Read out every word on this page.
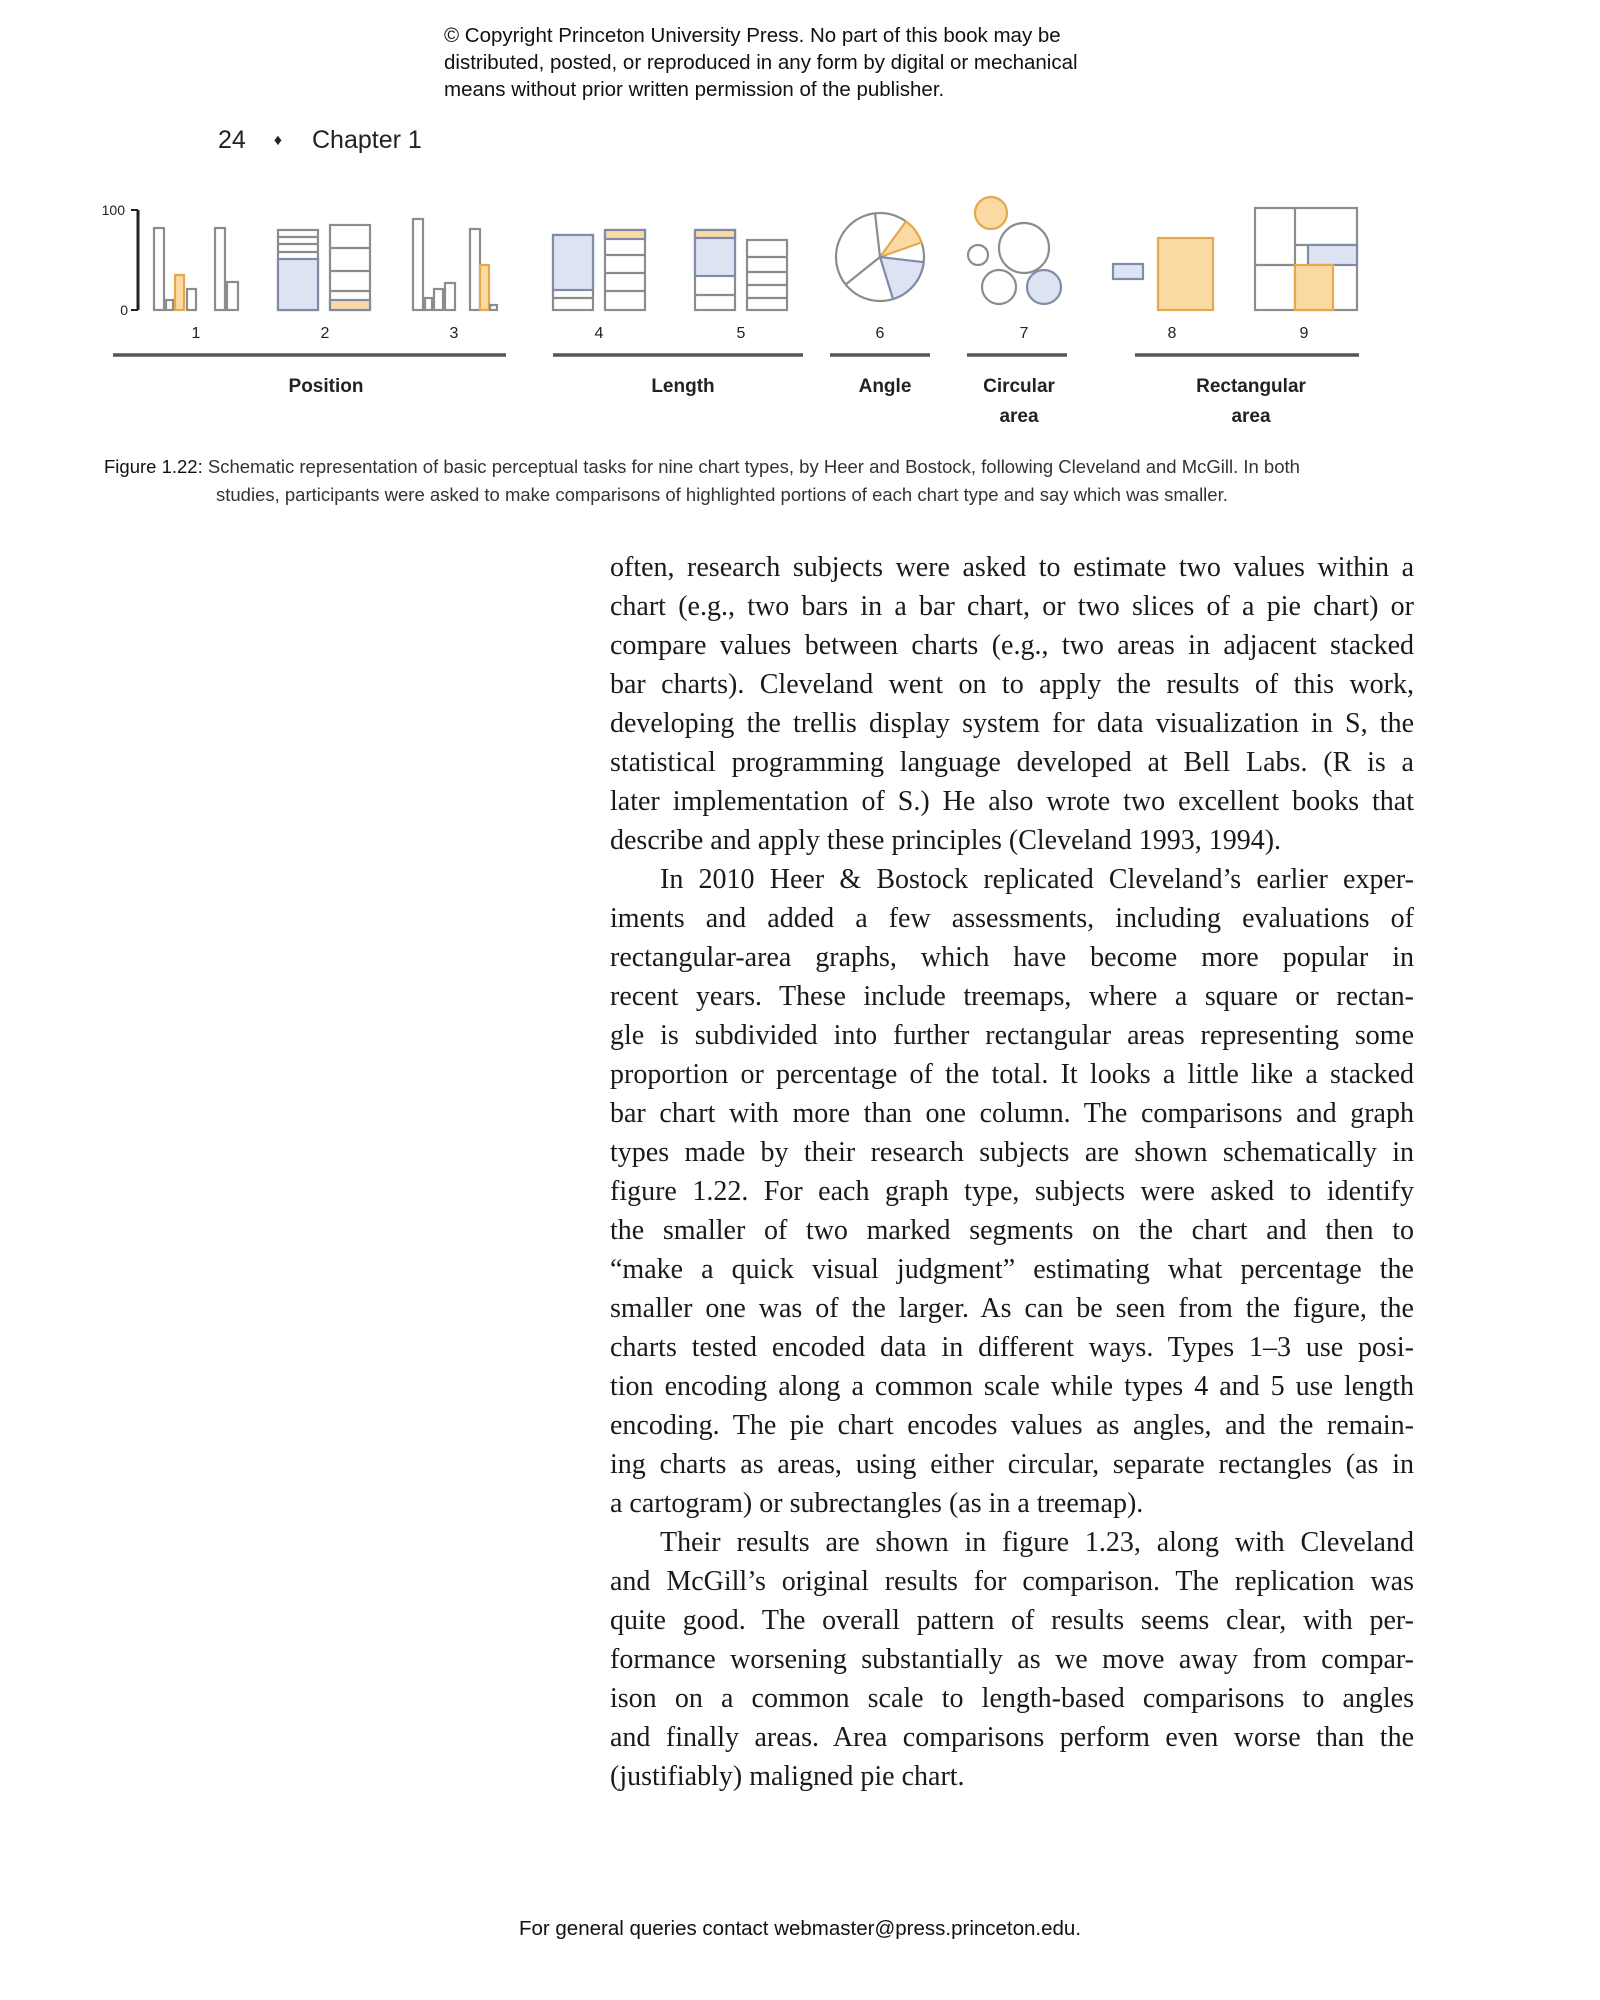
© Copyright Princeton University Press. No part of this book may be
distributed, posted, or reproduced in any form by digital or mechanical
means without prior written permission of the publisher.
24 ♦ Chapter 1
100
0
1	2	3	4	5	6	7	8	9
Position	Length	Angle	Circular
area
Rectangular
area
Figure 1.22: Schematic representation of basic perceptual tasks for nine chart types, by Heer and Bostock, following Cleveland and McGill. In both
studies, participants were asked to make comparisons of highlighted portions of each chart type and say which was smaller.

often, research subjects were asked to estimate two values within a
chart (e.g., two bars in a bar chart, or two slices of a pie chart) or
compare values between charts (e.g., two areas in adjacent stacked
bar charts). Cleveland went on to apply the results of this work,
developing the trellis display system for data visualization in S, the
statistical programming language developed at Bell Labs. (R is a
later implementation of S.) He also wrote two excellent books that
describe and apply these principles (Cleveland 1993, 1994).

In 2010 Heer & Bostock replicated Cleveland’s earlier exper-
iments and added a few assessments, including evaluations of
rectangular-area graphs, which have become more popular in
recent years. These include treemaps, where a square or rectan-
gle is subdivided into further rectangular areas representing some
proportion or percentage of the total. It looks a little like a stacked
bar chart with more than one column. The comparisons and graph
types made by their research subjects are shown schematically in
figure 1.22. For each graph type, subjects were asked to identify
the smaller of two marked segments on the chart and then to
“make a quick visual judgment” estimating what percentage the
smaller one was of the larger. As can be seen from the figure, the
charts tested encoded data in different ways. Types 1–3 use posi-
tion encoding along a common scale while types 4 and 5 use length
encoding. The pie chart encodes values as angles, and the remain-
ing charts as areas, using either circular, separate rectangles (as in
a cartogram) or subrectangles (as in a treemap).

Their results are shown in figure 1.23, along with Cleveland
and McGill’s original results for comparison. The replication was
quite good. The overall pattern of results seems clear, with per-
formance worsening substantially as we move away from compar-
ison on a common scale to length-based comparisons to angles
and finally areas. Area comparisons perform even worse than the
(justifiably) maligned pie chart.

For general queries contact webmaster@press.princeton.edu.
